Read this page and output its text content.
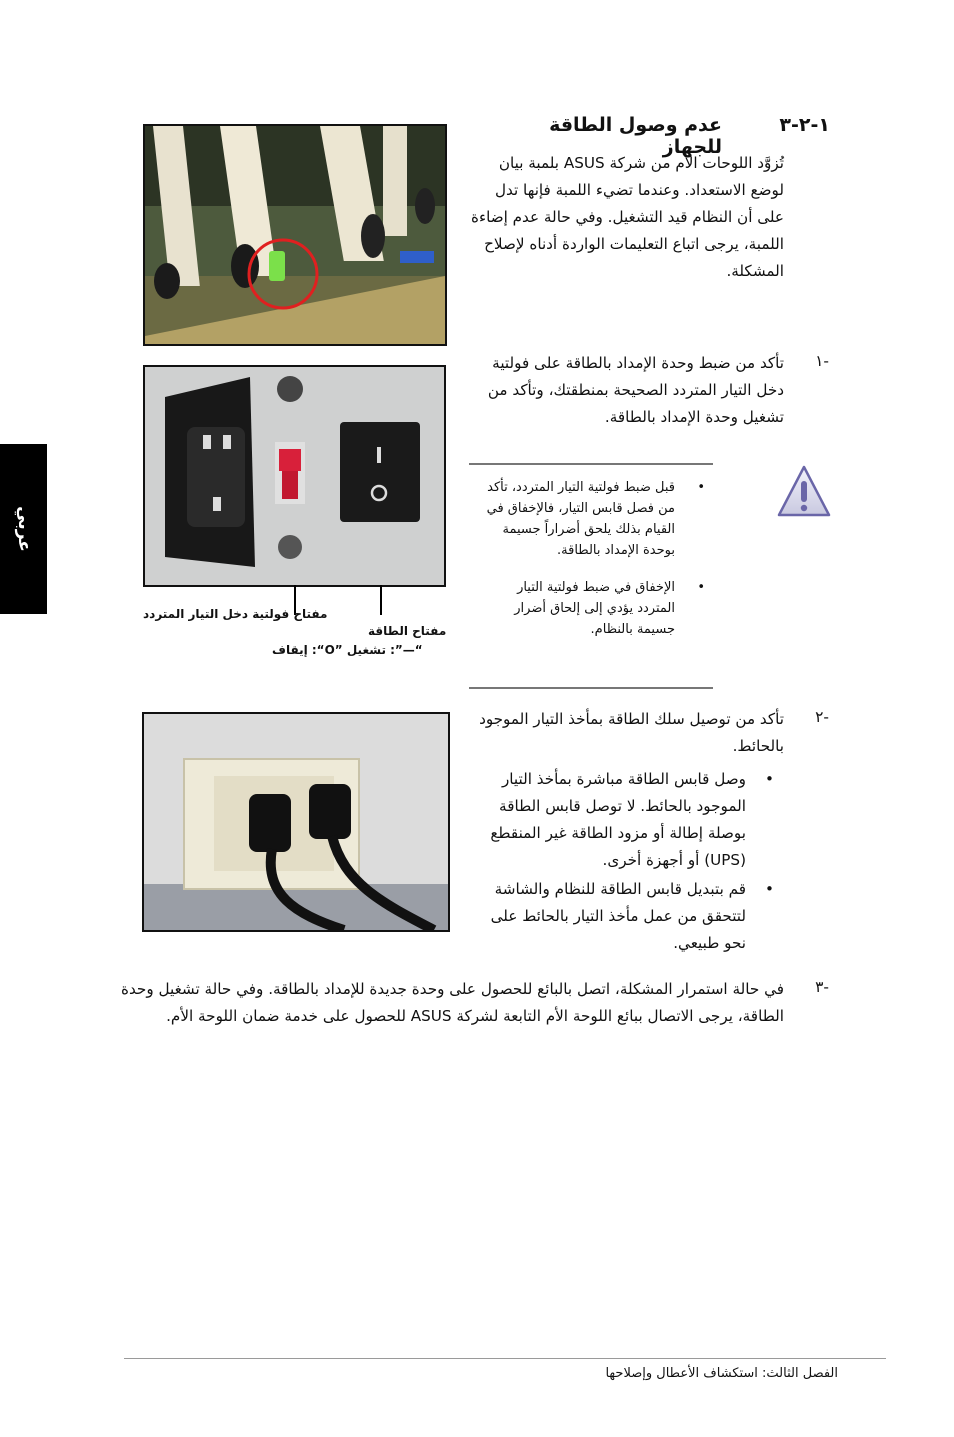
عربي
١-٢-٣
عدم وصول الطاقة للجهاز
تُزوَّد اللوحات الأم من شركة ASUS بلمبة بيان لوضع الاستعداد. وعندما تضيء اللمبة فإنها تدل على أن النظام قيد التشغيل. وفي حالة عدم إضاءة اللمبة، يرجى اتباع التعليمات الواردة أدناه لإصلاح المشكلة.
-١
تأكد من ضبط وحدة الإمداد بالطاقة على فولتية دخل التيار المتردد الصحيحة بمنطقتك، وتأكد من تشغيل وحدة الإمداد بالطاقة.
مفتاح فولتية دخل التيار المتردد
مفتاح الطاقة
“—”: تشغيل ”O“: إيقاف
• قبل ضبط فولتية التيار المتردد، تأكد من فصل قابس التيار، فالإخفاق في القيام بذلك يلحق أضراراً جسيمة بوحدة الإمداد بالطاقة.
• الإخفاق في ضبط فولتية التيار المتردد يؤدي إلى إلحاق أضرار جسيمة بالنظام.
-٢
تأكد من توصيل سلك الطاقة بمأخذ التيار الموجود بالحائط.
• وصل قابس الطاقة مباشرة بمأخذ التيار الموجود بالحائط. لا توصل قابس الطاقة بوصلة إطالة أو مزود الطاقة غير المنقطع (UPS) أو أجهزة أخرى.
• قم بتبديل قابس الطاقة للنظام والشاشة لتتحقق من عمل مأخذ التيار بالحائط على نحو طبيعي.
-٣
في حالة استمرار المشكلة، اتصل بالبائع للحصول على وحدة جديدة للإمداد بالطاقة. وفي حالة تشغيل وحدة الطاقة، يرجى الاتصال ببائع اللوحة الأم التابعة لشركة ASUS للحصول على خدمة ضمان اللوحة الأم.
الفصل الثالث: استكشاف الأعطال وإصلاحها
